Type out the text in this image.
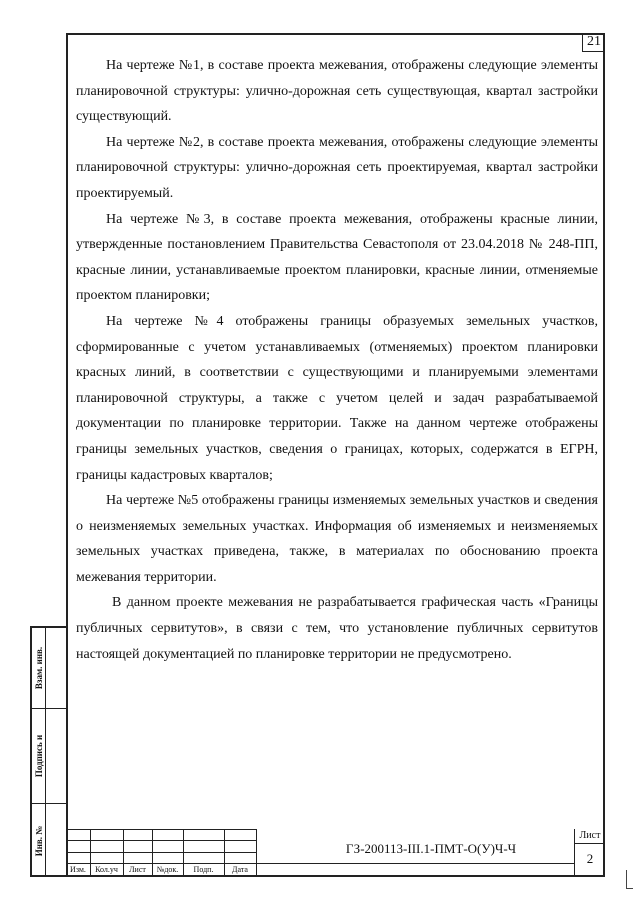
21

На чертеже №1, в составе проекта межевания, отображены следующие элементы планировочной структуры: улично-дорожная сеть существующая, квартал застройки существующий.

На чертеже №2, в составе проекта межевания, отображены следующие элементы планировочной структуры: улично-дорожная сеть проектируемая, квартал застройки проектируемый.

На чертеже №3, в составе проекта межевания, отображены красные линии, утвержденные постановлением Правительства Севастополя от 23.04.2018 № 248-ПП, красные линии, устанавливаемые проектом планировки, красные линии, отменяемые проектом планировки;

На чертеже №4 отображены границы образуемых земельных участков, сформированные с учетом устанавливаемых (отменяемых) проектом планировки красных линий, в соответствии с существующими и планируемыми элементами планировочной структуры, а также с учетом целей и задач разрабатываемой документации по планировке территории. Также на данном чертеже отображены границы земельных участков, сведения о границах, которых, содержатся в ЕГРН, границы кадастровых кварталов;

На чертеже №5 отображены границы изменяемых земельных участков и сведения о неизменяемых земельных участках. Информация об изменяемых и неизменяемых земельных участках приведена, также, в материалах по обоснованию проекта межевания территории.

В данном проекте межевания не разрабатывается графическая часть «Границы публичных сервитутов», в связи с тем, что установление публичных сервитутов настоящей документацией по планировке территории не предусмотрено.

Взам. инв.
Подпись и
Инв. №
Изм.	Кол.уч	Лист	№док.	Подп.	Дата
ГЗ-200113-III.1-ПМТ-О(У)Ч-Ч
Лист
2
